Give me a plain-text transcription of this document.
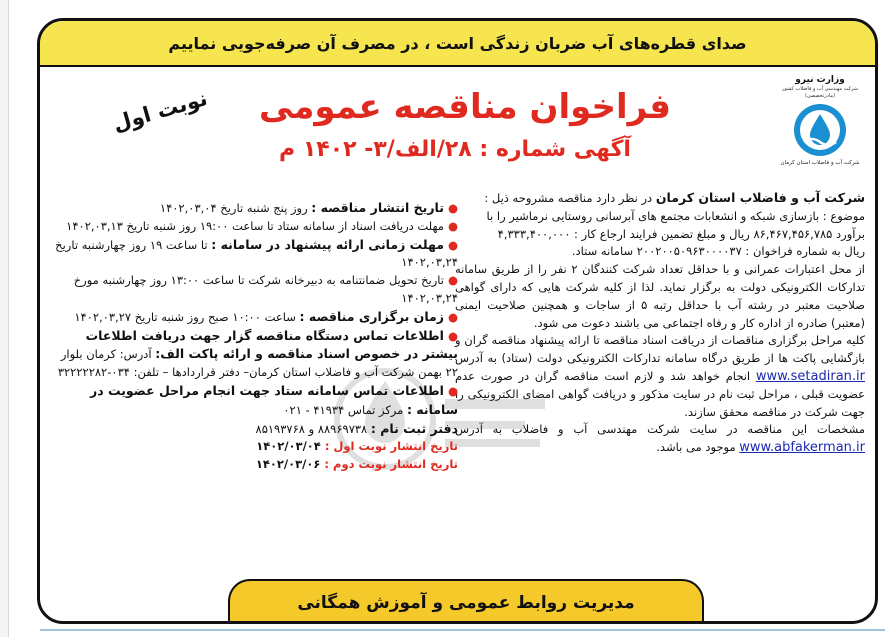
صدای قطره‌های آب ضربان زندگی است ، در مصرف آن صرفه‌جویی نماییم
وزارت نیرو
شرکت مهندسی آب و فاضلاب کشور
(مادرتخصصی)
شرکت آب و فاضلاب استان کرمان
فراخوان مناقصه عمومی
آگهی شماره : ۲۸/الف/۳- ۱۴۰۲ م
نوبت اول

شرکت آب و فاضلاب استان کرمان در نظر دارد مناقصه مشروحه ذیل :

موضوع : بازسازی شبکه و انشعابات مجتمع های آبرسانی روستایی نرماشیر را با

برآورد ۸۶,۴۶۷,۴۵۶,۷۸۵ ریال و مبلغ تضمین فرایند ارجاع کار : ۴,۳۳۳,۴۰۰,۰۰۰

ریال به شماره فراخوان : ۲۰۰۲۰۰۵۰۹۶۳۰۰۰۰۳۷ سامانه ستاد.

از محل اعتبارات عمرانی و با حداقل تعداد شرکت کنندگان ۲ نفر را از طریق سامانه تدارکات الکترونیکی دولت به برگزار نماید. لذا از کلیه شرکت هایی که دارای گواهی صلاحیت معتبر در رشته آب با حداقل رتبه ۵ از ساجات و همچنین صلاحیت ایمنی (معتبر) صادره از اداره کار و رفاه اجتماعی می باشند دعوت می شود.

کلیه مراحل برگزاری مناقصات از دریافت اسناد مناقصه تا ارائه پیشنهاد مناقصه گران و بازگشایی پاکت ها از طریق درگاه سامانه تدارکات الکترونیکی دولت (ستاد) به آدرس www.setadiran.ir انجام خواهد شد و لازم است مناقصه گران در صورت عدم عضویت قبلی ، مراحل ثبت نام در سایت مذکور و دریافت گواهی امضای الکترونیکی را جهت شرکت در مناقصه محقق سازند.

مشخصات این مناقصه در سایت شرکت مهندسی آب و فاضلاب به آدرس www.abfakerman.ir موجود می باشد.

● تاریخ انتشار مناقصه : روز پنج شنبه تاریخ ۱۴۰۲,۰۳,۰۴

● مهلت دریافت اسناد از سامانه ستاد تا ساعت ۱۹:۰۰ روز شنبه تاریخ ۱۴۰۲,۰۳,۱۳

● مهلت زمانی ارائه پیشنهاد در سامانه : تا ساعت ۱۹ روز چهارشنبه تاریخ ۱۴۰۲,۰۳,۲۴

● تاریخ تحویل ضمانتنامه به دبیرخانه شرکت تا ساعت ۱۳:۰۰ روز چهارشنبه مورخ ۱۴۰۲,۰۳,۲۴

● زمان برگزاری مناقصه : ساعت ۱۰:۰۰ صبح روز شنبه تاریخ ۱۴۰۲,۰۳,۲۷

● اطلاعات تماس دستگاه مناقصه گزار جهت دریافت اطلاعات بیشتر در خصوص اسناد مناقصه و ارائه پاکت الف: آدرس: کرمان بلوار ۲۲ بهمن شرکت آب و فاضلاب استان کرمان– دفتر قراردادها – تلفن: ۰۳۴-۳۲۲۲۲۲۸۲

● اطلاعات تماس سامانه ستاد جهت انجام مراحل عضویت در سامانه : مرکز تماس ۴۱۹۳۴ - ۰۲۱

دفتر ثبت نام : ۸۸۹۶۹۷۳۸ و ۸۵۱۹۳۷۶۸

تاریخ انتشار نوبت اول : ۱۴۰۲/۰۳/۰۴

تاریخ انتشار نوبت دوم : ۱۴۰۲/۰۳/۰۶

مدیریت روابط عمومی و آموزش همگانی
